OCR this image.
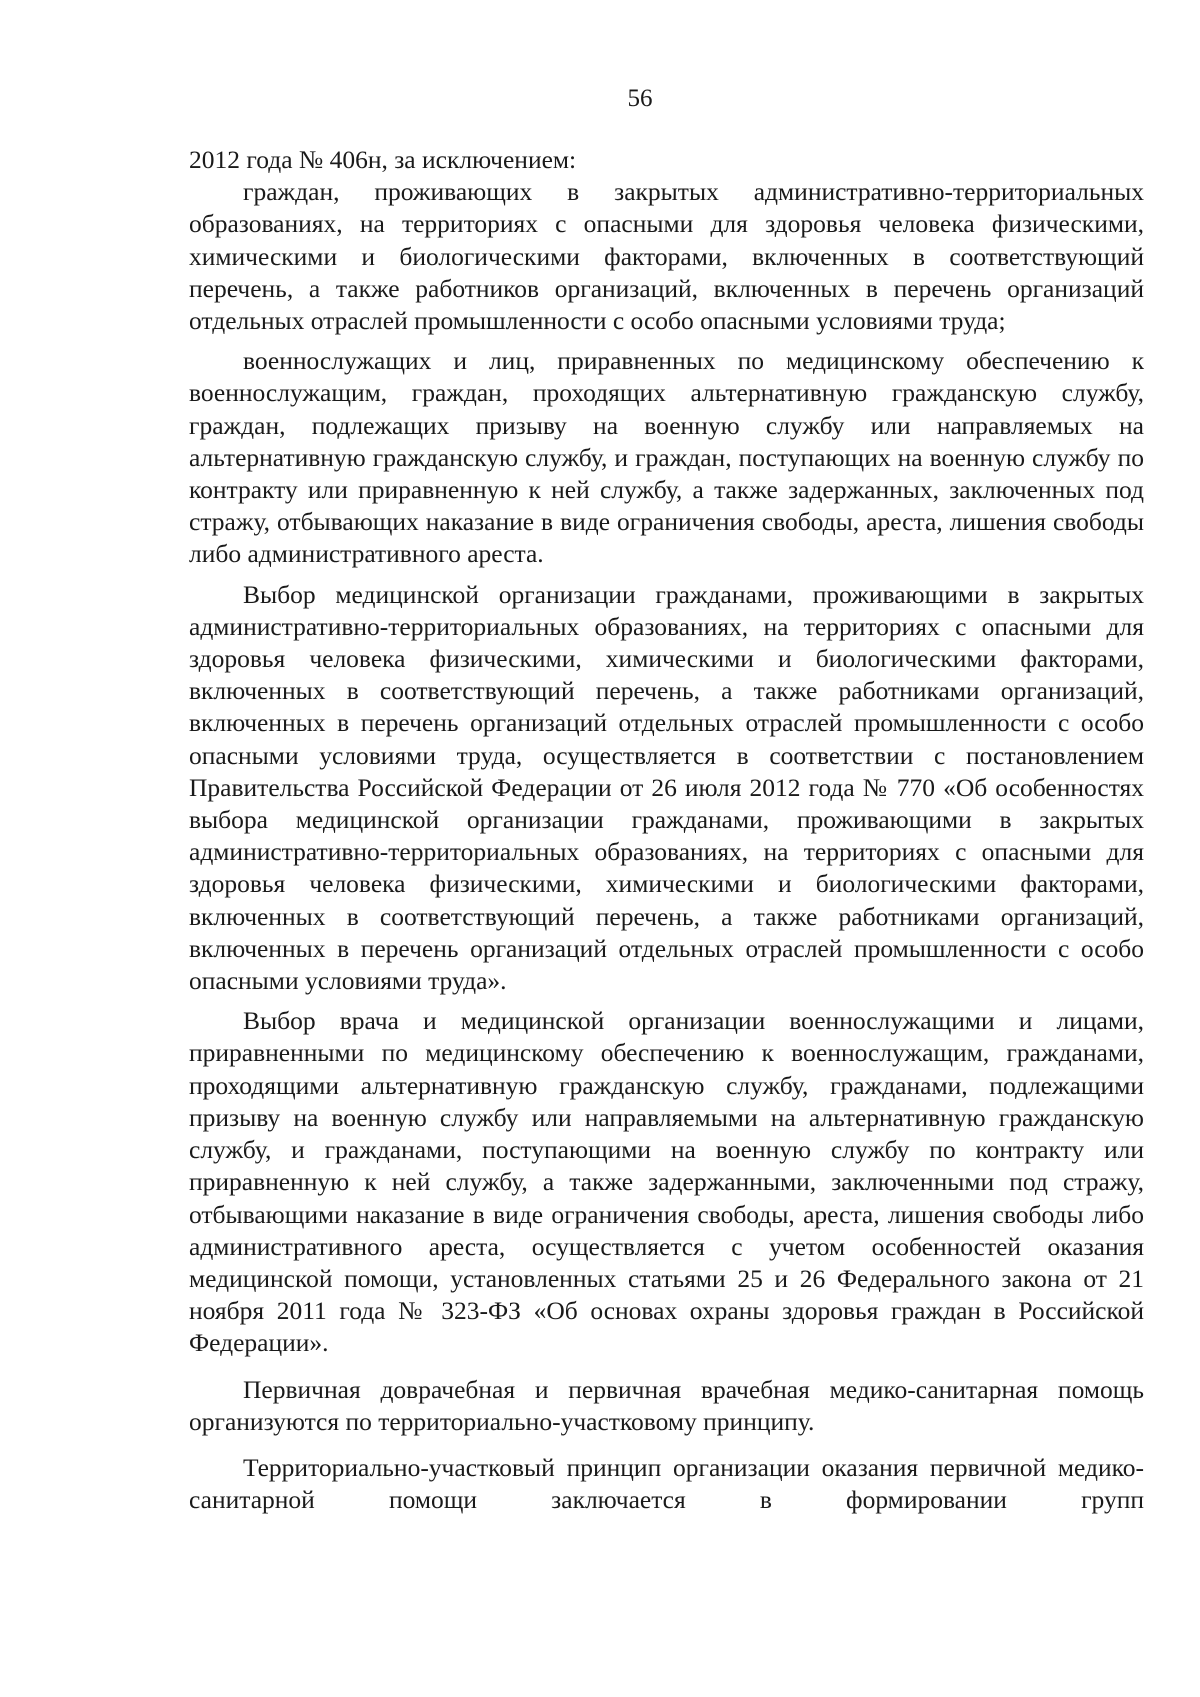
56

2012 года № 406н, за исключением:

граждан, проживающих в закрытых административно-территориальных образованиях, на территориях с опасными для здоровья человека физическими, химическими и биологическими факторами, включенных в соответствующий перечень, а также работников организаций, включенных в перечень организаций отдельных отраслей промышленности с особо опасными условиями труда;

военнослужащих и лиц, приравненных по медицинскому обеспечению к военнослужащим, граждан, проходящих альтернативную гражданскую службу, граждан, подлежащих призыву на военную службу или направляемых на альтернативную гражданскую службу, и граждан, поступающих на военную службу по контракту или приравненную к ней службу, а также задержанных, заключенных под стражу, отбывающих наказание в виде ограничения свободы, ареста, лишения свободы либо административного ареста.

Выбор медицинской организации гражданами, проживающими в закрытых административно-территориальных образованиях, на территориях с опасными для здоровья человека физическими, химическими и биологическими факторами, включенных в соответствующий перечень, а также работниками организаций, включенных в перечень организаций отдельных отраслей промышленности с особо опасными условиями труда, осуществляется в соответствии с постановлением Правительства Российской Федерации от 26 июля 2012 года № 770 «Об особенностях выбора медицинской организации гражданами, проживающими в закрытых административно-территориальных образованиях, на территориях с опасными для здоровья человека физическими, химическими и биологическими факторами, включенных в соответствующий перечень, а также работниками организаций, включенных в перечень организаций отдельных отраслей промышленности с особо опасными условиями труда».

Выбор врача и медицинской организации военнослужащими и лицами, приравненными по медицинскому обеспечению к военнослужащим, гражданами, проходящими альтернативную гражданскую службу, гражданами, подлежащими призыву на военную службу или направляемыми на альтернативную гражданскую службу, и гражданами, поступающими на военную службу по контракту или приравненную к ней службу, а также задержанными, заключенными под стражу, отбывающими наказание в виде ограничения свободы, ареста, лишения свободы либо административного ареста, осуществляется с учетом особенностей оказания медицинской помощи, установленных статьями 25 и 26 Федерального закона от 21 ноября 2011 года № 323-ФЗ «Об основах охраны здоровья граждан в Российской Федерации».

Первичная доврачебная и первичная врачебная медико-санитарная помощь организуются по территориально-участковому принципу.

Территориально-участковый принцип организации оказания первичной медико-санитарной помощи заключается в формировании групп
